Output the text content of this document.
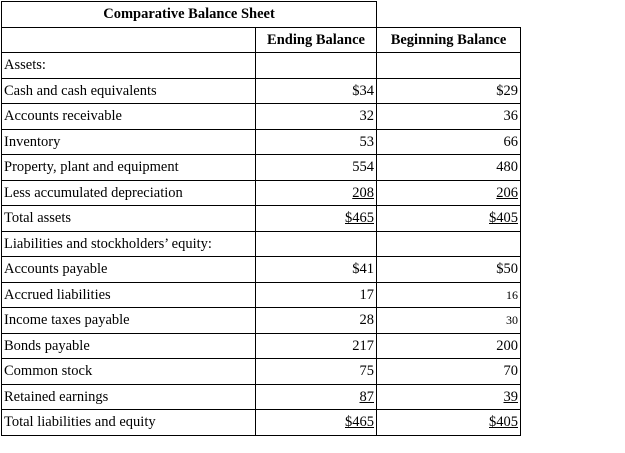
Comparative Balance Sheet		
	Ending Balance	Beginning Balance
Assets:		
Cash and cash equivalents	$34	$29
Accounts receivable	32	36
Inventory	53	66
Property, plant and equipment	554	480
Less accumulated depreciation	208	206
Total assets	$465	$405
Liabilities and stockholders’ equity:		
Accounts payable	$41	$50
Accrued liabilities	17	16
Income taxes payable	28	30
Bonds payable	217	200
Common stock	75	70
Retained earnings	87	39
Total liabilities and equity	$465	$405
